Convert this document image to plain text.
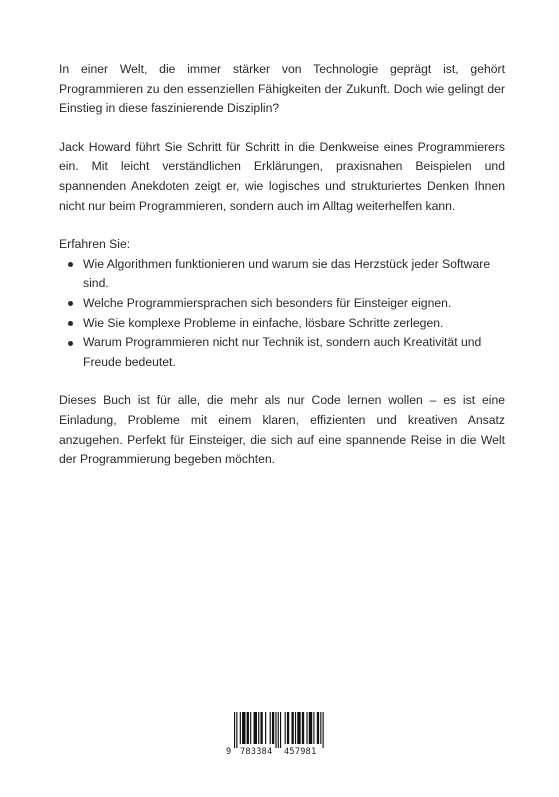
In einer Welt, die immer stärker von Technologie geprägt ist, gehört Programmieren zu den essenziellen Fähigkeiten der Zukunft. Doch wie gelingt der Einstieg in diese faszinierende Disziplin?

Jack Howard führt Sie Schritt für Schritt in die Denkweise eines Programmierers ein. Mit leicht verständlichen Erklärungen, praxisnahen Beispielen und spannenden Anekdoten zeigt er, wie logisches und strukturiertes Denken Ihnen nicht nur beim Programmieren, sondern auch im Alltag weiterhelfen kann.

Erfahren Sie:

Wie Algorithmen funktionieren und warum sie das Herzstück jeder Software sind.
Welche Programmiersprachen sich besonders für Einsteiger eignen.
Wie Sie komplexe Probleme in einfache, lösbare Schritte zerlegen.
Warum Programmieren nicht nur Technik ist, sondern auch Kreativität und Freude bedeutet.

Dieses Buch ist für alle, die mehr als nur Code lernen wollen – es ist eine Einladung, Probleme mit einem klaren, effizienten und kreativen Ansatz anzugehen. Perfekt für Einsteiger, die sich auf eine spannende Reise in die Welt der Programmierung begeben möchten.

9

783384

457981
